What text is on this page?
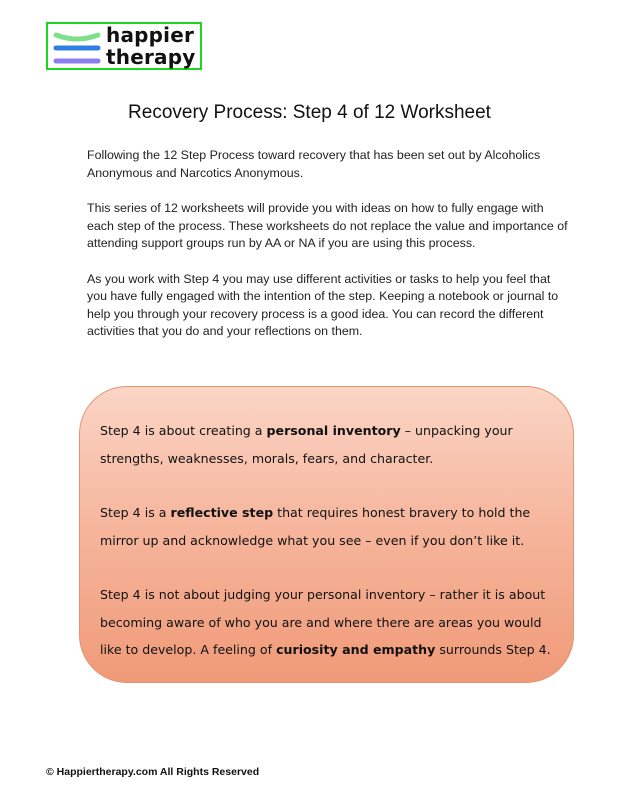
happier
therapy
Recovery Process: Step 4 of 12 Worksheet

Following the 12 Step Process toward recovery that has been set out by Alcoholics Anonymous and Narcotics Anonymous.

This series of 12 worksheets will provide you with ideas on how to fully engage with each step of the process. These worksheets do not replace the value and importance of attending support groups run by AA or NA if you are using this process.

As you work with Step 4 you may use different activities or tasks to help you feel that you have fully engaged with the intention of the step. Keeping a notebook or journal to help you through your recovery process is a good idea. You can record the different activities that you do and your reflections on them.

Step 4 is about creating a personal inventory – unpacking your strengths, weaknesses, morals, fears, and character.

Step 4 is a reflective step that requires honest bravery to hold the mirror up and acknowledge what you see – even if you don’t like it.

Step 4 is not about judging your personal inventory – rather it is about becoming aware of who you are and where there are areas you would like to develop. A feeling of curiosity and empathy surrounds Step 4.

© Happiertherapy.com All Rights Reserved
